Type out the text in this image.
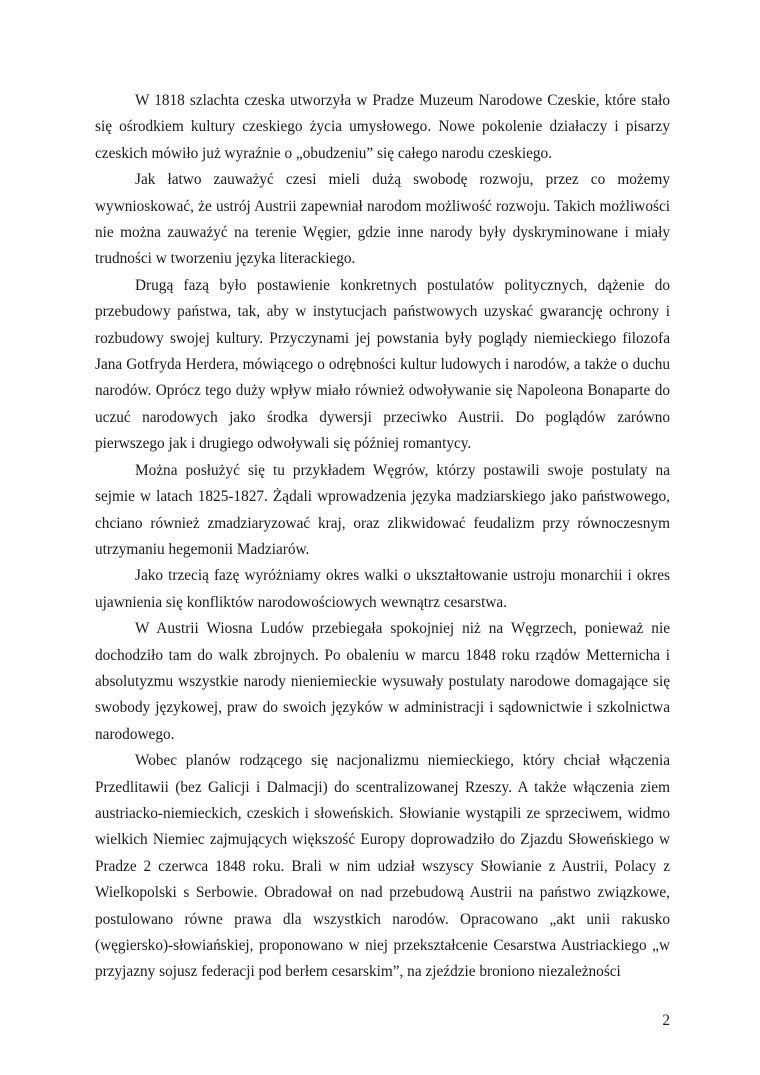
W 1818 szlachta czeska utworzyła w Pradze Muzeum Narodowe Czeskie, które stało się ośrodkiem kultury czeskiego życia umysłowego. Nowe pokolenie działaczy i pisarzy czeskich mówiło już wyraźnie o „obudzeniu” się całego narodu czeskiego.

Jak łatwo zauważyć czesi mieli dużą swobodę rozwoju, przez co możemy wywnioskować, że ustrój Austrii zapewniał narodom możliwość rozwoju. Takich możliwości nie można zauważyć na terenie Węgier, gdzie inne narody były dyskryminowane i miały trudności w tworzeniu języka literackiego.

Drugą fazą było postawienie konkretnych postulatów politycznych, dążenie do przebudowy państwa, tak, aby w instytucjach państwowych uzyskać gwarancję ochrony i rozbudowy swojej kultury. Przyczynami jej powstania były poglądy niemieckiego filozofa Jana Gotfryda Herdera, mówiącego o odrębności kultur ludowych i narodów, a także o duchu narodów. Oprócz tego duży wpływ miało również odwoływanie się Napoleona Bonaparte do uczuć narodowych jako środka dywersji przeciwko Austrii. Do poglądów zarówno pierwszego jak i drugiego odwoływali się później romantycy.

Można posłużyć się tu przykładem Węgrów, którzy postawili swoje postulaty na sejmie w latach 1825-1827. Żądali wprowadzenia języka madziarskiego jako państwowego, chciano również zmadziaryzować kraj, oraz zlikwidować feudalizm przy równoczesnym utrzymaniu hegemonii Madziarów.

Jako trzecią fazę wyróżniamy okres walki o ukształtowanie ustroju monarchii i okres ujawnienia się konfliktów narodowościowych wewnątrz cesarstwa.

W Austrii Wiosna Ludów przebiegała spokojniej niż na Węgrzech, ponieważ nie dochodziło tam do walk zbrojnych. Po obaleniu w marcu 1848 roku rządów Metternicha i absolutyzmu wszystkie narody nieniemieckie wysuwały postulaty narodowe domagające się swobody językowej, praw do swoich języków w administracji i sądownictwie i szkolnictwa narodowego.

Wobec planów rodzącego się nacjonalizmu niemieckiego, który chciał włączenia Przedlitawii (bez Galicji i Dalmacji) do scentralizowanej Rzeszy. A także włączenia ziem austriacko-niemieckich, czeskich i słoweńskich. Słowianie wystąpili ze sprzeciwem, widmo wielkich Niemiec zajmujących większość Europy doprowadziło do Zjazdu Słoweńskiego w Pradze 2 czerwca 1848 roku. Brali w nim udział wszyscy Słowianie z Austrii, Polacy z Wielkopolski s Serbowie. Obradował on nad przebudową Austrii na państwo związkowe, postulowano równe prawa dla wszystkich narodów. Opracowano „akt unii rakusko (węgiersko)-słowiańskiej, proponowano w niej przekształcenie Cesarstwa Austriackiego „w przyjazny sojusz federacji pod berłem cesarskim”, na zjeździe broniono niezależności

2
